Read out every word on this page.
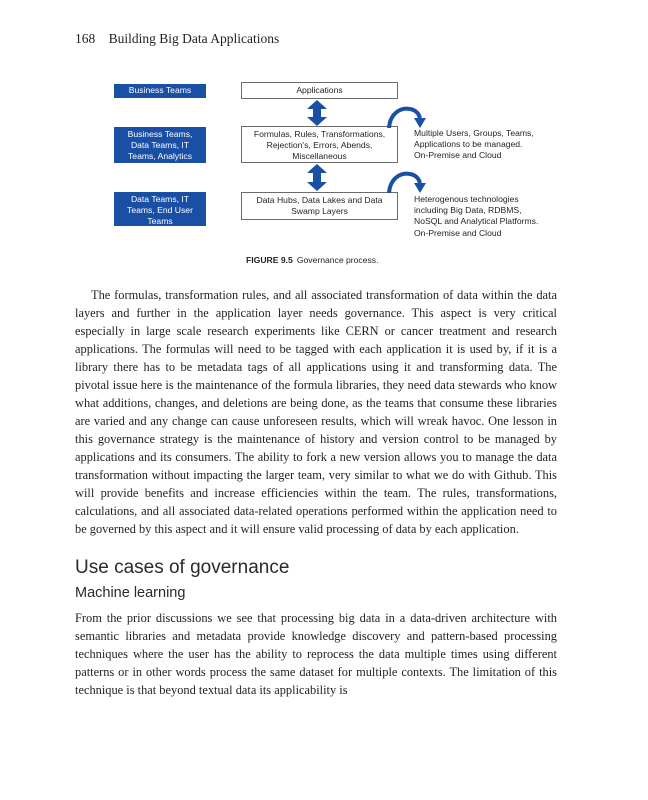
168 Building Big Data Applications
Business Teams	Applications
Business Teams, Data Teams, IT Teams, Analytics Teams
Formulas, Rules, Transformations, Rejection's, Errors, Abends, Miscellaneous
Multiple Users, Groups, Teams, Applications to be managed. On-Premise and Cloud
Data Teams, IT Teams, End User Teams
Data Hubs, Data Lakes and Data Swamp Layers
Heterogenous technologies including Big Data, RDBMS, NoSQL and Analytical Platforms. On-Premise and Cloud
FIGURE 9.5 Governance process.

The formulas, transformation rules, and all associated transformation of data within the data layers and further in the application layer needs governance. This aspect is very critical especially in large scale research experiments like CERN or cancer treatment and research applications. The formulas will need to be tagged with each application it is used by, if it is a library there has to be metadata tags of all applications using it and transforming data. The pivotal issue here is the maintenance of the formula libraries, they need data stewards who know what additions, changes, and deletions are being done, as the teams that consume these libraries are varied and any change can cause unforeseen results, which will wreak havoc. One lesson in this governance strategy is the maintenance of history and version control to be managed by applications and its consumers. The ability to fork a new version allows you to manage the data transformation without impacting the larger team, very similar to what we do with Github. This will provide benefits and increase efficiencies within the team. The rules, transformations, calculations, and all associated data-related operations performed within the application need to be governed by this aspect and it will ensure valid processing of data by each application.

Use cases of governance
Machine learning

From the prior discussions we see that processing big data in a data-driven architecture with semantic libraries and metadata provide knowledge discovery and pattern-based processing techniques where the user has the ability to reprocess the data multiple times using different patterns or in other words process the same dataset for multiple contexts. The limitation of this technique is that beyond textual data its applicability is
